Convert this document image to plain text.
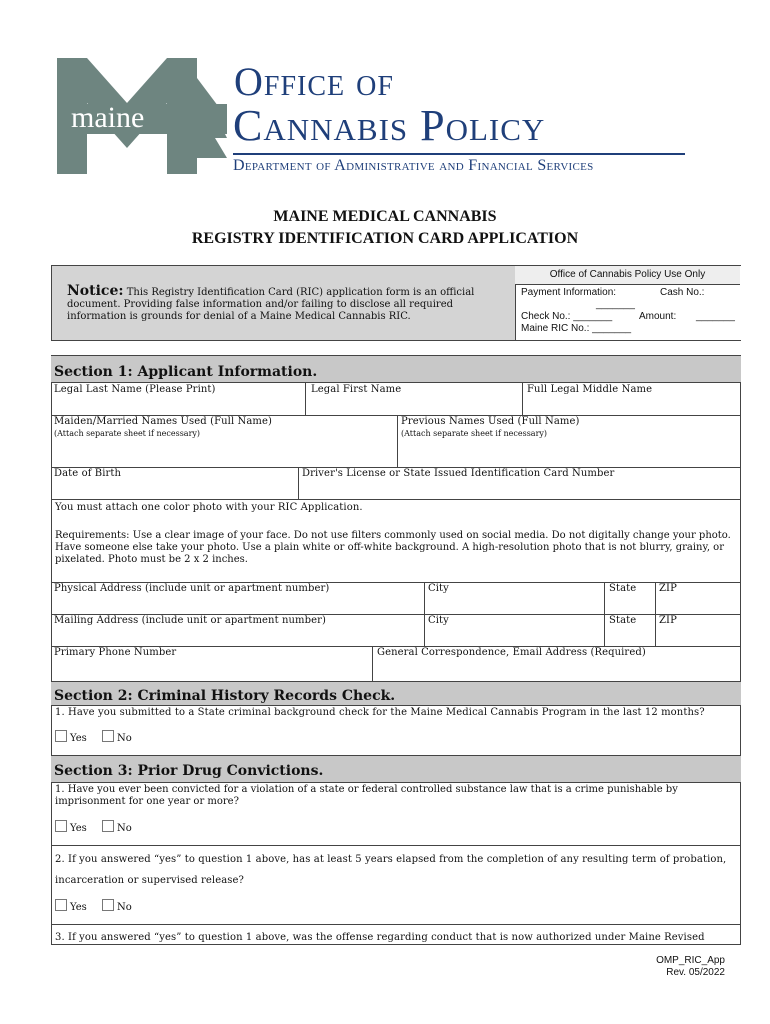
maine
Office of
Cannabis Policy
Department of Administrative and Financial Services
MAINE MEDICAL CANNABIS
REGISTRY IDENTIFICATION CARD APPLICATION
Notice: This Registry Identification Card (RIC) application form is an official document. Providing false information and/or failing to disclose all required information is grounds for denial of a Maine Medical Cannabis RIC.
Office of Cannabis Policy Use Only
Payment Information:	Cash No.:
_______
Check No.: _______	Amount: _______
Maine RIC No.: _______
Section 1: Applicant Information.
Legal Last Name (Please Print)	Legal First Name	Full Legal Middle Name
Maiden/Married Names Used (Full Name)
(Attach separate sheet if necessary)
Previous Names Used (Full Name)
(Attach separate sheet if necessary)
Date of Birth	Driver's License or State Issued Identification Card Number
You must attach one color photo with your RIC Application.
Requirements: Use a clear image of your face. Do not use filters commonly used on social media. Do not digitally change your photo. Have someone else take your photo. Use a plain white or off-white background. A high-resolution photo that is not blurry, grainy, or pixelated. Photo must be 2 x 2 inches.
Physical Address (include unit or apartment number)	City	State ZIP
Mailing Address (include unit or apartment number)	City	State ZIP
Primary Phone Number	General Correspondence, Email Address (Required)
Section 2: Criminal History Records Check.
1. Have you submitted to a State criminal background check for the Maine Medical Cannabis Program in the last 12 months?
Yes	No
Section 3: Prior Drug Convictions.
1. Have you ever been convicted for a violation of a state or federal controlled substance law that is a crime punishable by imprisonment for one year or more?
Yes	No
2. If you answered “yes” to question 1 above, has at least 5 years elapsed from the completion of any resulting term of probation,
incarceration or supervised release?
Yes	No
3. If you answered “yes” to question 1 above, was the offense regarding conduct that is now authorized under Maine Revised
OMP_RIC_App
Rev. 05/2022
